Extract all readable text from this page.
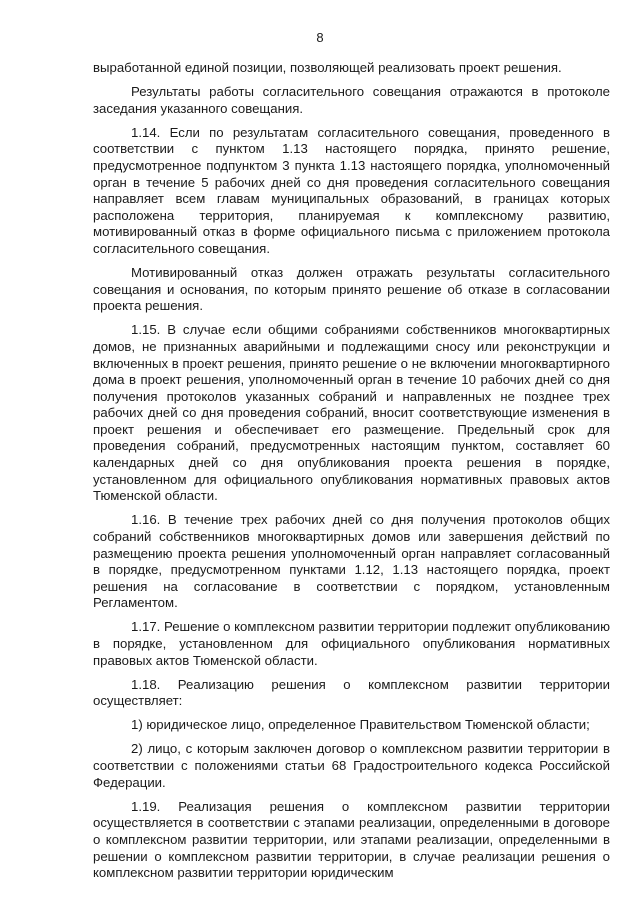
8

выработанной единой позиции, позволяющей реализовать проект решения.

Результаты работы согласительного совещания отражаются в протоколе заседания указанного совещания.

1.14. Если по результатам согласительного совещания, проведенного в соответствии с пунктом 1.13 настоящего порядка, принято решение, предусмотренное подпунктом 3 пункта 1.13 настоящего порядка, уполномоченный орган в течение 5 рабочих дней со дня проведения согласительного совещания направляет всем главам муниципальных образований, в границах которых расположена территория, планируемая к комплексному развитию, мотивированный отказ в форме официального письма с приложением протокола согласительного совещания.

Мотивированный отказ должен отражать результаты согласительного совещания и основания, по которым принято решение об отказе в согласовании проекта решения.

1.15. В случае если общими собраниями собственников многоквартирных домов, не признанных аварийными и подлежащими сносу или реконструкции и включенных в проект решения, принято решение о не включении многоквартирного дома в проект решения, уполномоченный орган в течение 10 рабочих дней со дня получения протоколов указанных собраний и направленных не позднее трех рабочих дней со дня проведения собраний, вносит соответствующие изменения в проект решения и обеспечивает его размещение. Предельный срок для проведения собраний, предусмотренных настоящим пунктом, составляет 60 календарных дней со дня опубликования проекта решения в порядке, установленном для официального опубликования нормативных правовых актов Тюменской области.

1.16. В течение трех рабочих дней со дня получения протоколов общих собраний собственников многоквартирных домов или завершения действий по размещению проекта решения уполномоченный орган направляет согласованный в порядке, предусмотренном пунктами 1.12, 1.13 настоящего порядка, проект решения на согласование в соответствии с порядком, установленным Регламентом.

1.17. Решение о комплексном развитии территории подлежит опубликованию в порядке, установленном для официального опубликования нормативных правовых актов Тюменской области.

1.18. Реализацию решения о комплексном развитии территории осуществляет:

1) юридическое лицо, определенное Правительством Тюменской области;

2) лицо, с которым заключен договор о комплексном развитии территории в соответствии с положениями статьи 68 Градостроительного кодекса Российской Федерации.

1.19. Реализация решения о комплексном развитии территории осуществляется в соответствии с этапами реализации, определенными в договоре о комплексном развитии территории, или этапами реализации, определенными в решении о комплексном развитии территории, в случае реализации решения о комплексном развитии территории юридическим
